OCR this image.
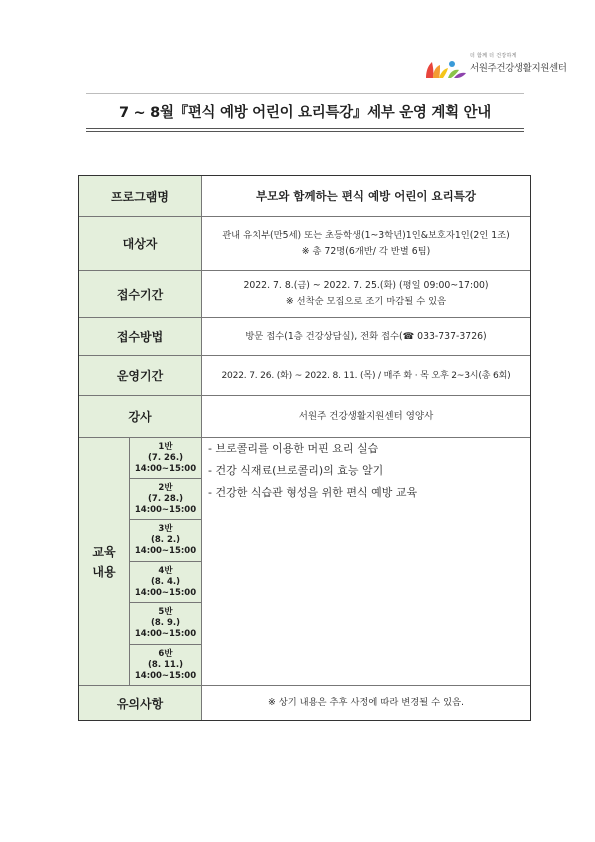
더 함께 더 건강하게
서원주건강생활지원센터
7 ~ 8월『편식 예방 어린이 요리특강』세부 운영 계획 안내
프로그램명
대상자
접수기간
접수방법
운영기간
강사
교육
내용
1반
(7. 26.)
14:00~15:00
2반
(7. 28.)
14:00~15:00
3반
(8. 2.)
14:00~15:00
4반
(8. 4.)
14:00~15:00
5반
(8. 9.)
14:00~15:00
6반
(8. 11.)
14:00~15:00
유의사항
부모와 함께하는 편식 예방 어린이 요리특강
관내 유치부(만5세) 또는 초등학생(1~3학년)1인&보호자1인(2인 1조)
※ 총 72명(6개반/ 각 반별 6팀)
2022. 7. 8.(금) ~ 2022. 7. 25.(화) (평일 09:00~17:00)
※ 선착순 모집으로 조기 마감될 수 있음
방문 접수(1층 건강상담실), 전화 접수(☎ 033-737-3726)
2022. 7. 26. (화) ~ 2022. 8. 11. (목) / 매주 화 · 목 오후 2~3시(총 6회)
서원주 건강생활지원센터 영양사
- 브로콜리를 이용한 머핀 요리 실습
- 건강 식재료(브로콜리)의 효능 알기
- 건강한 식습관 형성을 위한 편식 예방 교육
※ 상기 내용은 추후 사정에 따라 변경될 수 있음.
